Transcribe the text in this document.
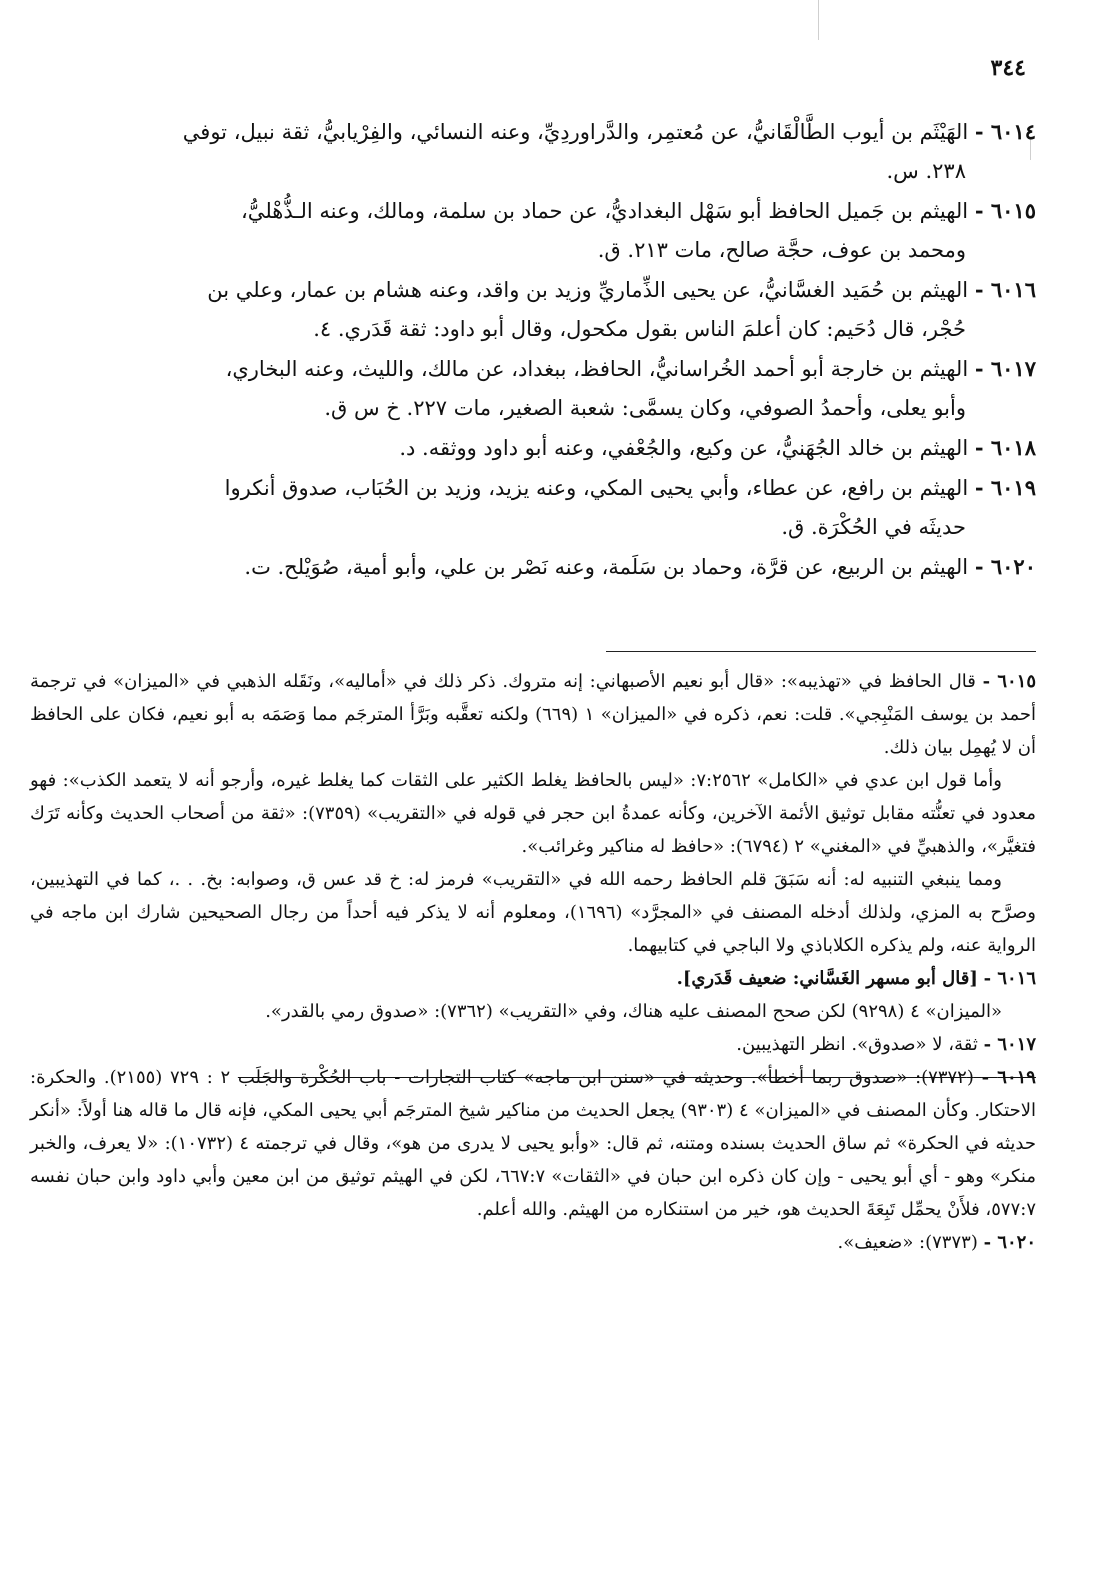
٣٤٤

٦٠١٤ - الهَيْثَم بن أيوب الطَّالْقَانيُّ، عن مُعتمِر، والدَّراوردِيِّ، وعنه النسائي، والفِرْيابيُّ، ثقة نبيل، توفي
٢٣٨. س.

٦٠١٥ - الهيثم بن جَميل الحافظ أبو سَهْل البغداديُّ، عن حماد بن سلمة، ومالك، وعنه الـذُّهْليُّ،
ومحمد بن عوف، حجَّة صالح، مات ٢١٣. ق.

٦٠١٦ - الهيثم بن حُمَيد الغسَّانيُّ، عن يحيى الذِّماريِّ وزيد بن واقد، وعنه هشام بن عمار، وعلي بن
حُجْر، قال دُحَيم: كان أعلمَ الناس بقول مكحول، وقال أبو داود: ثقة قَدَري. ٤.

٦٠١٧ - الهيثم بن خارجة أبو أحمد الخُراسانيُّ، الحافظ، ببغداد، عن مالك، والليث، وعنه البخاري،
وأبو يعلى، وأحمدُ الصوفي، وكان يسمَّى: شعبة الصغير، مات ٢٢٧. خ س ق.

٦٠١٨ - الهيثم بن خالد الجُهَنيُّ، عن وكيع، والجُعْفي، وعنه أبو داود ووثقه. د.

٦٠١٩ - الهيثم بن رافع، عن عطاء، وأبي يحيى المكي، وعنه يزيد، وزيد بن الحُبَاب، صدوق أنكروا
حديثَه في الحُكْرَة. ق.

٦٠٢٠ - الهيثم بن الربيع، عن قرَّة، وحماد بن سَلَمة، وعنه نَصْر بن علي، وأبو أمية، صُوَيْلح. ت.

٦٠١٥ - قال الحافظ في «تهذيبه»: «قال أبو نعيم الأصبهاني: إنه متروك. ذكر ذلك في «أماليه»، ونَقَله الذهبي في «الميزان» في ترجمة أحمد بن يوسف المَنْبِجي». قلت: نعم، ذكره في «الميزان» ١ (٦٦٩) ولكنه تعقَّبه وبَرَّأ المترجَم مما وَصَمَه به أبو نعيم، فكان على الحافظ أن لا يُهمِل بيان ذلك.

وأما قول ابن عدي في «الكامل» ٧:٢٥٦٢: «ليس بالحافظ يغلط الكثير على الثقات كما يغلط غيره، وأرجو أنه لا يتعمد الكذب»: فهو معدود في تعنُّته مقابل توثيق الأئمة الآخرين، وكأنه عمدةُ ابن حجر في قوله في «التقريب» (٧٣٥٩): «ثقة من أصحاب الحديث وكأنه تَرَك فتغيَّر»، والذهبيِّ في «المغني» ٢ (٦٧٩٤): «حافظ له مناكير وغرائب».

ومما ينبغي التنبيه له: أنه سَبَقَ قلم الحافظ رحمه الله في «التقريب» فرمز له: خ قد عس ق، وصوابه: بخ. . .، كما في التهذيبين، وصرَّح به المزي، ولذلك أدخله المصنف في «المجرَّد» (١٦٩٦)، ومعلوم أنه لا يذكر فيه أحداً من رجال الصحيحين شارك ابن ماجه في الرواية عنه، ولم يذكره الكلاباذي ولا الباجي في كتابيهما.

٦٠١٦ - [قال أبو مسهر الغَسَّاني: ضعيف قَدَري].

«الميزان» ٤ (٩٢٩٨) لكن صحح المصنف عليه هناك، وفي «التقريب» (٧٣٦٢): «صدوق رمي بالقدر».

٦٠١٧ - ثقة، لا «صدوق». انظر التهذيبين.

٦٠١٩ - (٧٣٧٢): «صدوق ربما أخطأ». وحديثه في «سنن ابن ماجه» كتاب التجارات - باب الحُكْرة والجَلَب ٢ : ٧٢٩ (٢١٥٥). والحكرة: الاحتكار. وكأن المصنف في «الميزان» ٤ (٩٣٠٣) يجعل الحديث من مناكير شيخ المترجَم أبي يحيى المكي، فإنه قال ما قاله هنا أولاً: «أنكر حديثه في الحكرة» ثم ساق الحديث بسنده ومتنه، ثم قال: «وأبو يحيى لا يدرى من هو»، وقال في ترجمته ٤ (١٠٧٣٢): «لا يعرف، والخبر منكر» وهو - أي أبو يحيى - وإن كان ذكره ابن حبان في «الثقات» ٦٦٧:٧، لكن في الهيثم توثيق من ابن معين وأبي داود وابن حبان نفسه ٥٧٧:٧، فلأَنْ يحمِّل تَبِعَةَ الحديث هو، خير من استنكاره من الهيثم. والله أعلم.

٦٠٢٠ - (٧٣٧٣): «ضعيف».
